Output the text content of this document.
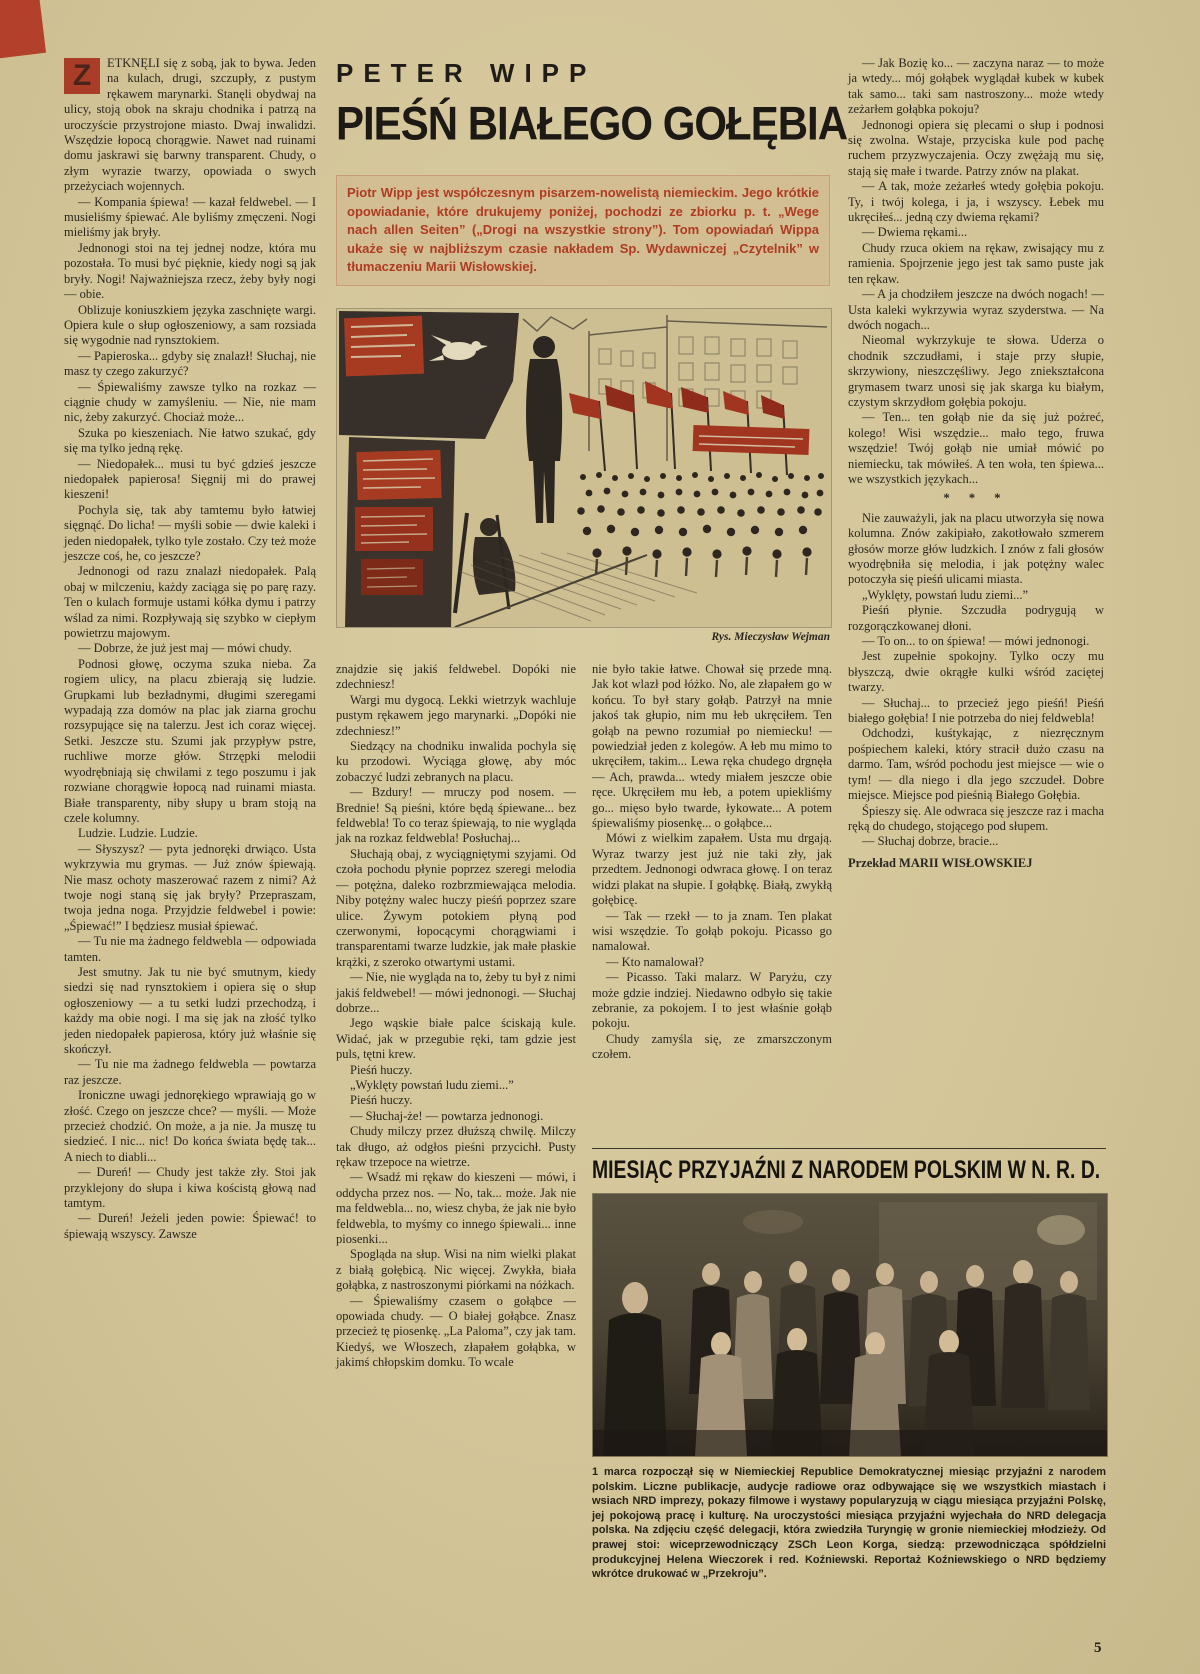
Z	ETKNĘLI się z sobą, jak to bywa. Jeden na kulach, drugi, szczupły, z pustym rękawem marynarki. Stanęli obydwaj na ulicy, stoją obok na skraju chodnika i patrzą na uroczyście przystrojone miasto. Dwaj inwalidzi. Wszędzie łopocą chorągwie. Nawet nad ruinami domu jaskrawi się barwny transparent. Chudy, o złym wyrazie twarzy, opowiada o swych przeżyciach wojennych.

— Kompania śpiewa! — kazał feldwebel. — I musieliśmy śpiewać. Ale byliśmy zmęczeni. Nogi mieliśmy jak bryły.

Jednonogi stoi na tej jednej nodze, która mu pozostała. To musi być pięknie, kiedy nogi są jak bryły. Nogi! Najważniejsza rzecz, żeby były nogi — obie.

Oblizuje koniuszkiem języka zaschnięte wargi. Opiera kule o słup ogłoszeniowy, a sam rozsiada się wygodnie nad rynsztokiem.

— Papieroska... gdyby się znalazł! Słuchaj, nie masz ty czego zakurzyć?

— Śpiewaliśmy zawsze tylko na rozkaz — ciągnie chudy w zamyśleniu. — Nie, nie mam nic, żeby zakurzyć. Chociaż może...

Szuka po kieszeniach. Nie łatwo szukać, gdy się ma tylko jedną rękę.

— Niedopałek... musi tu być gdzieś jeszcze niedopałek papierosa! Sięgnij mi do prawej kieszeni!

Pochyla się, tak aby tamtemu było łatwiej sięgnąć. Do licha! — myśli sobie — dwie kaleki i jeden niedopałek, tylko tyle zostało. Czy też może jeszcze coś, he, co jeszcze?

Jednonogi od razu znalazł niedopałek. Palą obaj w milczeniu, każdy zaciąga się po parę razy. Ten o kulach formuje ustami kółka dymu i patrzy wślad za nimi. Rozpływają się szybko w ciepłym powietrzu majowym.

— Dobrze, że już jest maj — mówi chudy.

Podnosi głowę, oczyma szuka nieba. Za rogiem ulicy, na placu zbierają się ludzie. Grupkami lub bezładnymi, długimi szeregami wypadają zza domów na plac jak ziarna grochu rozsypujące się na talerzu. Jest ich coraz więcej. Setki. Jeszcze stu. Szumi jak przypływ pstre, ruchliwe morze głów. Strzępki melodii wyodrębniają się chwilami z tego poszumu i jak rozwiane chorągwie łopocą nad ruinami miasta. Białe transparenty, niby słupy u bram stoją na czele kolumny.

Ludzie. Ludzie. Ludzie.

— Słyszysz? — pyta jednoręki drwiąco. Usta wykrzywia mu grymas. — Już znów śpiewają. Nie masz ochoty maszerować razem z nimi? Aż twoje nogi staną się jak bryły? Przepraszam, twoja jedna noga. Przyjdzie feldwebel i powie: „Śpiewać!” I będziesz musiał śpiewać.

— Tu nie ma żadnego feldwebla — odpowiada tamten.

Jest smutny. Jak tu nie być smutnym, kiedy siedzi się nad rynsztokiem i opiera się o słup ogłoszeniowy — a tu setki ludzi przechodzą, i każdy ma obie nogi. I ma się jak na złość tylko jeden niedopałek papierosa, który już właśnie się skończył.

— Tu nie ma żadnego feldwebla — powtarza raz jeszcze.

Ironiczne uwagi jednorękiego wprawiają go w złość. Czego on jeszcze chce? — myśli. — Może przecież chodzić. On może, a ja nie. Ja muszę tu siedzieć. I nic... nic! Do końca świata będę tak... A niech to diabli...

— Dureń! — Chudy jest także zły. Stoi jak przyklejony do słupa i kiwa kościstą głową nad tamtym.

— Dureń! Jeżeli jeden powie: Śpiewać! to śpiewają wszyscy. Zawsze

PETER WIPP
PIEŚŃ BIAŁEGO GOŁĘBIA
Piotr Wipp jest współczesnym pisarzem-nowelistą niemieckim. Jego krótkie opowiadanie, które drukujemy poniżej, pochodzi ze zbiorku p. t. „Wege nach allen Seiten” („Drogi na wszystkie strony”). Tom opowiadań Wippa ukaże się w najbliższym czasie nakładem Sp. Wydawniczej „Czytelnik” w tłumaczeniu Marii Wisłowskiej.
Rys. Mieczysław Wejman

znajdzie się jakiś feldwebel. Dopóki nie zdechniesz!

Wargi mu dygocą. Lekki wietrzyk wachluje pustym rękawem jego marynarki. „Dopóki nie zdechniesz!”

Siedzący na chodniku inwalida pochyla się ku przodowi. Wyciąga głowę, aby móc zobaczyć ludzi zebranych na placu.

— Bzdury! — mruczy pod nosem. — Brednie! Są pieśni, które będą śpiewane... bez feldwebla! To co teraz śpiewają, to nie wygląda jak na rozkaz feldwebla! Posłuchaj...

Słuchają obaj, z wyciągniętymi szyjami. Od czoła pochodu płynie poprzez szeregi melodia — potężna, daleko rozbrzmiewająca melodia. Niby potężny walec huczy pieśń poprzez szare ulice. Żywym potokiem płyną pod czerwonymi, łopocącymi chorągwiami i transparentami twarze ludzkie, jak małe płaskie krążki, z szeroko otwartymi ustami.

— Nie, nie wygląda na to, żeby tu był z nimi jakiś feldwebel! — mówi jednonogi. — Słuchaj dobrze...

Jego wąskie białe palce ściskają kule. Widać, jak w przegubie ręki, tam gdzie jest puls, tętni krew.

Pieśń huczy.

„Wyklęty powstań ludu ziemi...”

Pieśń huczy.

— Słuchaj-że! — powtarza jednonogi.

Chudy milczy przez dłuższą chwilę. Milczy tak długo, aż odgłos pieśni przycichł. Pusty rękaw trzepoce na wietrze.

— Wsadź mi rękaw do kieszeni — mówi, i oddycha przez nos. — No, tak... może. Jak nie ma feldwebla... no, wiesz chyba, że jak nie było feldwebla, to myśmy co innego śpiewali... inne piosenki...

Spogląda na słup. Wisi na nim wielki plakat z białą gołębicą. Nic więcej. Zwykła, biała gołąbka, z nastroszonymi piórkami na nóżkach.

— Śpiewaliśmy czasem o gołąbce — opowiada chudy. — O białej gołąbce. Znasz przecież tę piosenkę. „La Paloma”, czy jak tam. Kiedyś, we Włoszech, złapałem gołąbka, w jakimś chłopskim domku. To wcale

nie było takie łatwe. Chował się przede mną. Jak kot wlazł pod łóżko. No, ale złapałem go w końcu. To był stary gołąb. Patrzył na mnie jakoś tak głupio, nim mu łeb ukręciłem. Ten gołąb na pewno rozumiał po niemiecku! — powiedział jeden z kolegów. A łeb mu mimo to ukręciłem, takim... Lewa ręka chudego drgnęła — Ach, prawda... wtedy miałem jeszcze obie ręce. Ukręciłem mu łeb, a potem upiekliśmy go... mięso było twarde, łykowate... A potem śpiewaliśmy piosenkę... o gołąbce...

Mówi z wielkim zapałem. Usta mu drgają. Wyraz twarzy jest już nie taki zły, jak przedtem. Jednonogi odwraca głowę. I on teraz widzi plakat na słupie. I gołąbkę. Białą, zwykłą gołębicę.

— Tak — rzekł — to ja znam. Ten plakat wisi wszędzie. To gołąb pokoju. Picasso go namalował.

— Kto namalował?

— Picasso. Taki malarz. W Paryżu, czy może gdzie indziej. Niedawno odbyło się takie zebranie, za pokojem. I to jest właśnie gołąb pokoju.

Chudy zamyśla się, ze zmarszczonym czołem.

— Jak Bozię ko... — zaczyna naraz — to może ja wtedy... mój gołąbek wyglądał kubek w kubek tak samo... taki sam nastroszony... może wtedy zeżarłem gołąbka pokoju?

Jednonogi opiera się plecami o słup i podnosi się zwolna. Wstaje, przyciska kule pod pachę ruchem przyzwyczajenia. Oczy zwężają mu się, stają się małe i twarde. Patrzy znów na plakat.

— A tak, może zeżarłeś wtedy gołębia pokoju. Ty, i twój kolega, i ja, i wszyscy. Łebek mu ukręciłeś... jedną czy dwiema rękami?

— Dwiema rękami...

Chudy rzuca okiem na rękaw, zwisający mu z ramienia. Spojrzenie jego jest tak samo puste jak ten rękaw.

— A ja chodziłem jeszcze na dwóch nogach! — Usta kaleki wykrzywia wyraz szyderstwa. — Na dwóch nogach...

Nieomal wykrzykuje te słowa. Uderza o chodnik szczudłami, i staje przy słupie, skrzywiony, nieszczęśliwy. Jego zniekształcona grymasem twarz unosi się jak skarga ku białym, czystym skrzydłom gołębia pokoju.

— Ten... ten gołąb nie da się już pożreć, kolego! Wisi wszędzie... mało tego, fruwa wszędzie! Twój gołąb nie umiał mówić po niemiecku, tak mówiłeś. A ten woła, ten śpiewa... we wszystkich językach...

* * *

Nie zauważyli, jak na placu utworzyła się nowa kolumna. Znów zakipiało, zakotłowało szmerem głosów morze głów ludzkich. I znów z fali głosów wyodrębniła się melodia, i jak potężny walec potoczyła się pieśń ulicami miasta.

„Wyklęty, powstań ludu ziemi...”

Pieśń płynie. Szczudła podrygują w rozgorączkowanej dłoni.

— To on... to on śpiewa! — mówi jednonogi.

Jest zupełnie spokojny. Tylko oczy mu błyszczą, dwie okrągłe kulki wśród zaciętej twarzy.

— Słuchaj... to przecież jego pieśń! Pieśń białego gołębia! I nie potrzeba do niej feldwebla!

Odchodzi, kuśtykając, z niezręcznym pośpiechem kaleki, który stracił dużo czasu na darmo. Tam, wśród pochodu jest miejsce — wie o tym! — dla niego i dla jego szczudeł. Dobre miejsce. Miejsce pod pieśnią Białego Gołębia.

Śpieszy się. Ale odwraca się jeszcze raz i macha ręką do chudego, stojącego pod słupem.

— Słuchaj dobrze, bracie...

Przekład MARII WISŁOWSKIEJ

MIESIĄC PRZYJAŹNI Z NARODEM POLSKIM W N. R. D.
1 marca rozpoczął się w Niemieckiej Republice Demokratycznej miesiąc przyjaźni z narodem polskim. Liczne publikacje, audycje radiowe oraz odbywające się we wszystkich miastach i wsiach NRD imprezy, pokazy filmowe i wystawy popularyzują w ciągu miesiąca przyjaźni Polskę, jej pokojową pracę i kulturę. Na uroczystości miesiąca przyjaźni wyjechała do NRD delegacja polska. Na zdjęciu część delegacji, która zwiedziła Turyngię w gronie niemieckiej młodzieży. Od prawej stoi: wiceprzewodniczący ZSCh Leon Korga, siedzą: przewodnicząca spółdzielni produkcyjnej Helena Wieczorek i red. Koźniewski. Reportaż Koźniewskiego o NRD będziemy wkrótce drukować w „Przekroju”.
5
